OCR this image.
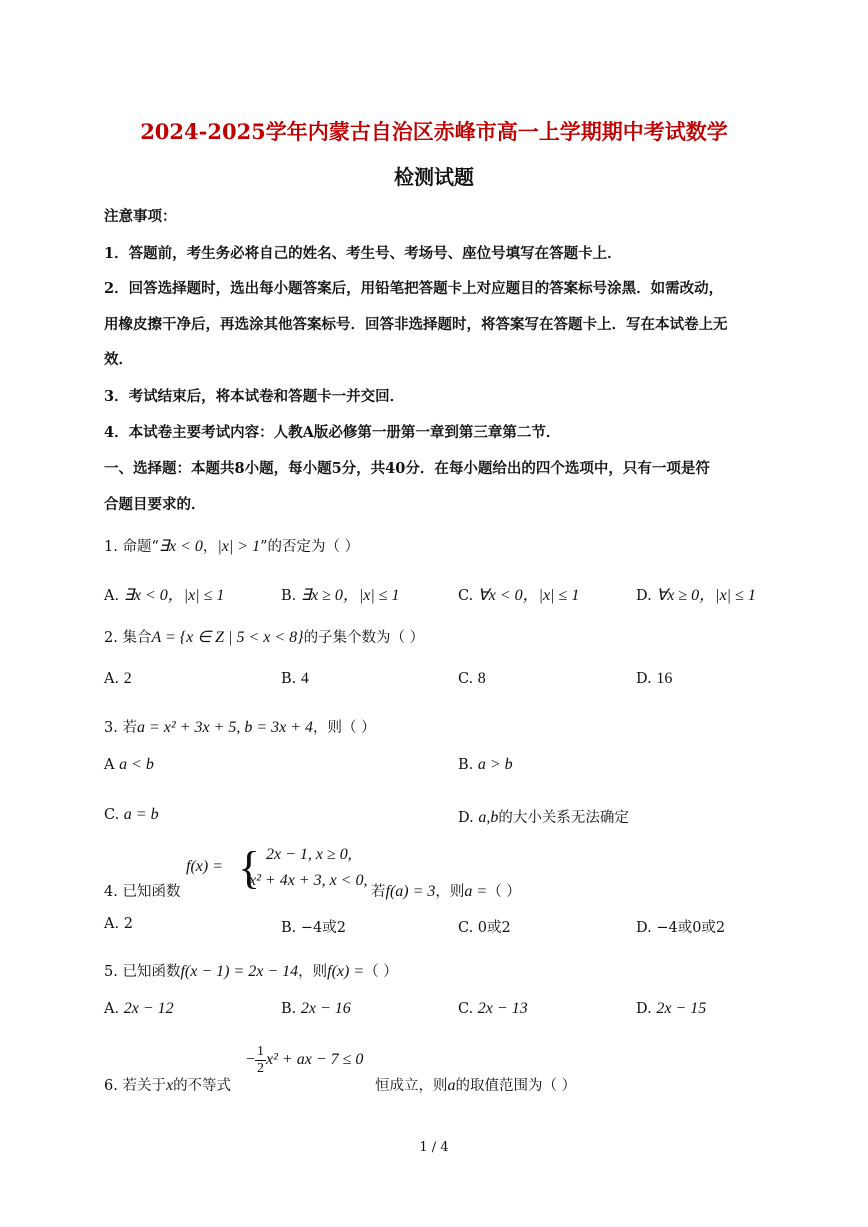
2024-2025学年内蒙古自治区赤峰市高一上学期期中考试数学
检测试题
注意事项：
1．答题前，考生务必将自己的姓名、考生号、考场号、座位号填写在答题卡上．
2．回答选择题时，选出每小题答案后，用铅笔把答题卡上对应题目的答案标号涂黑．如需改动，
用橡皮擦干净后，再选涂其他答案标号．回答非选择题时，将答案写在答题卡上．写在本试卷上无
效．
3．考试结束后，将本试卷和答题卡一并交回．
4．本试卷主要考试内容：人教A版必修第一册第一章到第三章第二节．
一、选择题：本题共8小题，每小题5分，共40分．在每小题给出的四个选项中，只有一项是符
合题目要求的．
1. 命题“∃x < 0，|x| > 1”的否定为（ ）
A. ∃x < 0，|x| ≤ 1	B. ∃x ≥ 0，|x| ≤ 1	C. ∀x < 0，|x| ≤ 1	D. ∀x ≥ 0，|x| ≤ 1
2. 集合A = {x ∈ Z | 5 < x < 8}的子集个数为（ ）
A. 2	B. 4	C. 8	D. 16
3. 若a = x² + 3x + 5, b = 3x + 4，则（ ）
A a < b	B. a > b
C. a = b	D. a,b的大小关系无法确定
4. 已知函数
f(x) = { 2x − 1, x ≥ 0,
x² + 4x + 3, x < 0,
若f(a) = 3，则a =（ ）
A. 2	B. −4或2	C. 0或2	D. −4或0或2
5. 已知函数f(x − 1) = 2x − 14，则f(x) =（ ）
A. 2x − 12	B. 2x − 16	C. 2x − 13	D. 2x − 15
6. 若关于x的不等式
− $\frac{1}{2} x^2$ + ax − 7 ≤ 0
恒成立，则a的取值范围为（ ）
1 / 4
